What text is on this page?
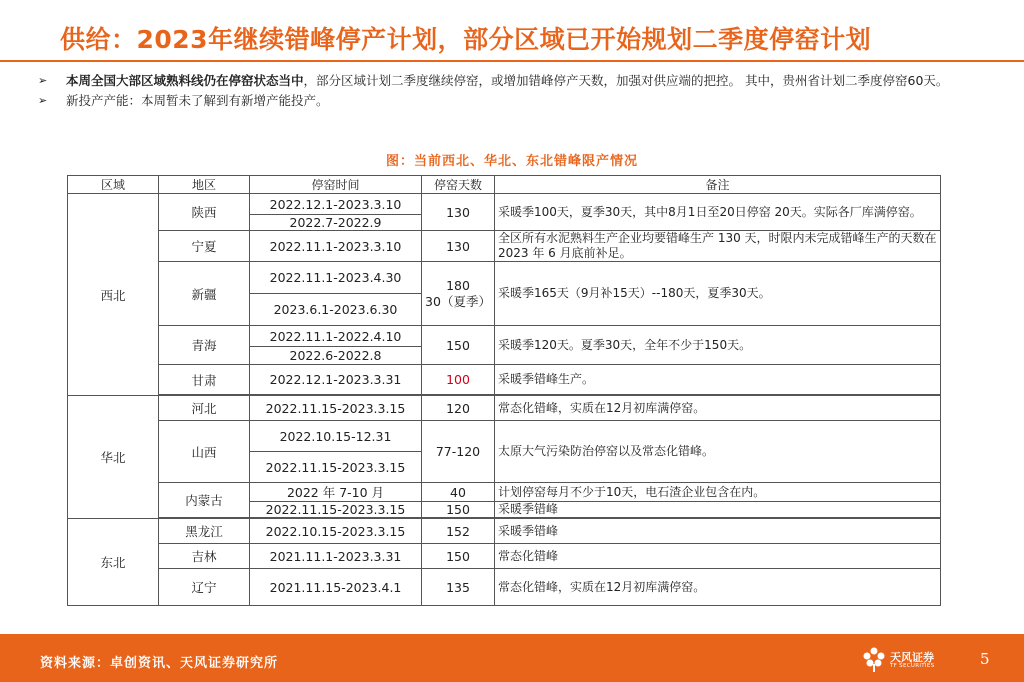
供给：2023年继续错峰停产计划，部分区域已开始规划二季度停窑计划
➢ 本周全国大部区域熟料线仍在停窑状态当中，部分区域计划二季度继续停窑，或增加错峰停产天数，加强对供应端的把控。 其中，贵州省计划二季度停窑60天。
➢ 新投产产能：本周暂未了解到有新增产能投产。
图：当前西北、华北、东北错峰限产情况
区域	地区	停窑时间	停窑天数	备注
西北	陕西	2022.12.1-2023.3.10	130	采暖季100天，夏季30天，其中8月1日至20日停窑 20天。实际各厂库满停窑。
		2022.7-2022.9		
	宁夏	2022.11.1-2023.3.10	130	全区所有水泥熟料生产企业均要错峰生产 130 天，时限内未完成错峰生产的天数在 2023 年 6 月底前补足。
	新疆	2022.11.1-2023.4.30	180
30（夏季）	采暖季165天（9月补15天）--180天，夏季30天。
		2023.6.1-2023.6.30		
	青海	2022.11.1-2022.4.10	150	采暖季120天。夏季30天，全年不少于150天。
		2022.6-2022.8		
	甘肃	2022.12.1-2023.3.31	100	采暖季错峰生产。

华北	河北	2022.11.15-2023.3.15	120	常态化错峰，实质在12月初库满停窑。
	山西	2022.10.15-12.31	77-120	太原大气污染防治停窑以及常态化错峰。
		2022.11.15-2023.3.15		
	内蒙古	2022 年 7-10 月	40	计划停窑每月不少于10天，电石渣企业包含在内。
		2022.11.15-2023.3.15	150	采暖季错峰

东北	黑龙江	2022.10.15-2023.3.15	152	采暖季错峰
	吉林	2021.11.1-2023.3.31	150	常态化错峰
	辽宁	2021.11.15-2023.4.1	135	常态化错峰，实质在12月初库满停窑。
资料来源：卓创资讯、天风证券研究所	天风证券
TF SECURITIES	5
